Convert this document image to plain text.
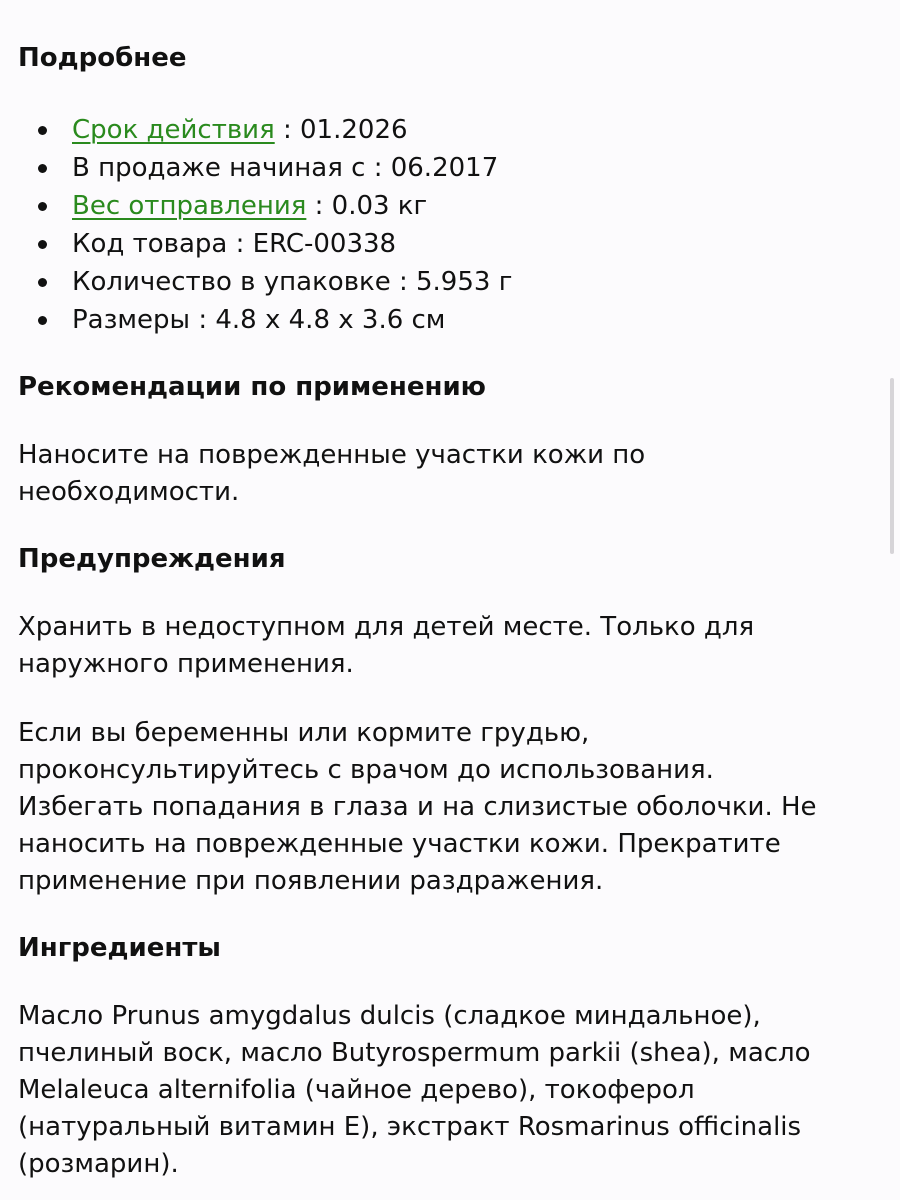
Подробнее
Срок действия : 01.2026
В продаже начиная с : 06.2017
Вес отправления : 0.03 кг
Код товара : ERC-00338
Количество в упаковке : 5.953 г
Размеры : 4.8 x 4.8 x 3.6 см
Рекомендации по применению

Наносите на поврежденные участки кожи по
необходимости.

Предупреждения

Хранить в недоступном для детей месте. Только для
наружного применения.

Если вы беременны или кормите грудью,
проконсультируйтесь с врачом до использования.
Избегать попадания в глаза и на слизистые оболочки. Не
наносить на поврежденные участки кожи. Прекратите
применение при появлении раздражения.

Ингредиенты

Масло Prunus amygdalus dulcis (сладкое миндальное),
пчелиный воск, масло Butyrospermum parkii (shea), масло
Melaleuca alternifolia (чайное дерево), токоферол
(натуральный витамин E), экстракт Rosmarinus officinalis
(розмарин).
